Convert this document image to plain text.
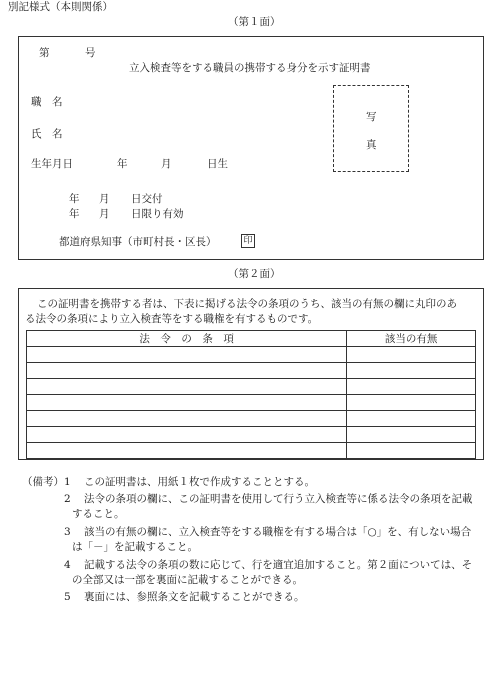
別記様式（本則関係）
（第１面）
第	号
立入検査等をする職員の携帯する身分を示す証明書
職　名
氏　名
生年月日	年	月	日生
写
真
年 月 日交付
年 月 日限り有効
都道府県知事（市町村長・区長）	印
（第２面）
この証明書を携帯する者は、下表に掲げる法令の条項のうち、該当の有無の欄に丸印のあ
る法令の条項により立入検査等をする職権を有するものです。
法　令　の　条　項	該当の有無

（備考） 1 この証明書は、用紙１枚で作成することとする。
2 法令の条項の欄に、この証明書を使用して行う立入検査等に係る法令の条項を記載
すること。
3 該当の有無の欄に、立入検査等をする職権を有する場合は「○」を、有しない場合
は「－」を記載すること。
4 記載する法令の条項の数に応じて、行を適宜追加すること。第２面については、そ
の全部又は一部を裏面に記載することができる。
5 裏面には、参照条文を記載することができる。
